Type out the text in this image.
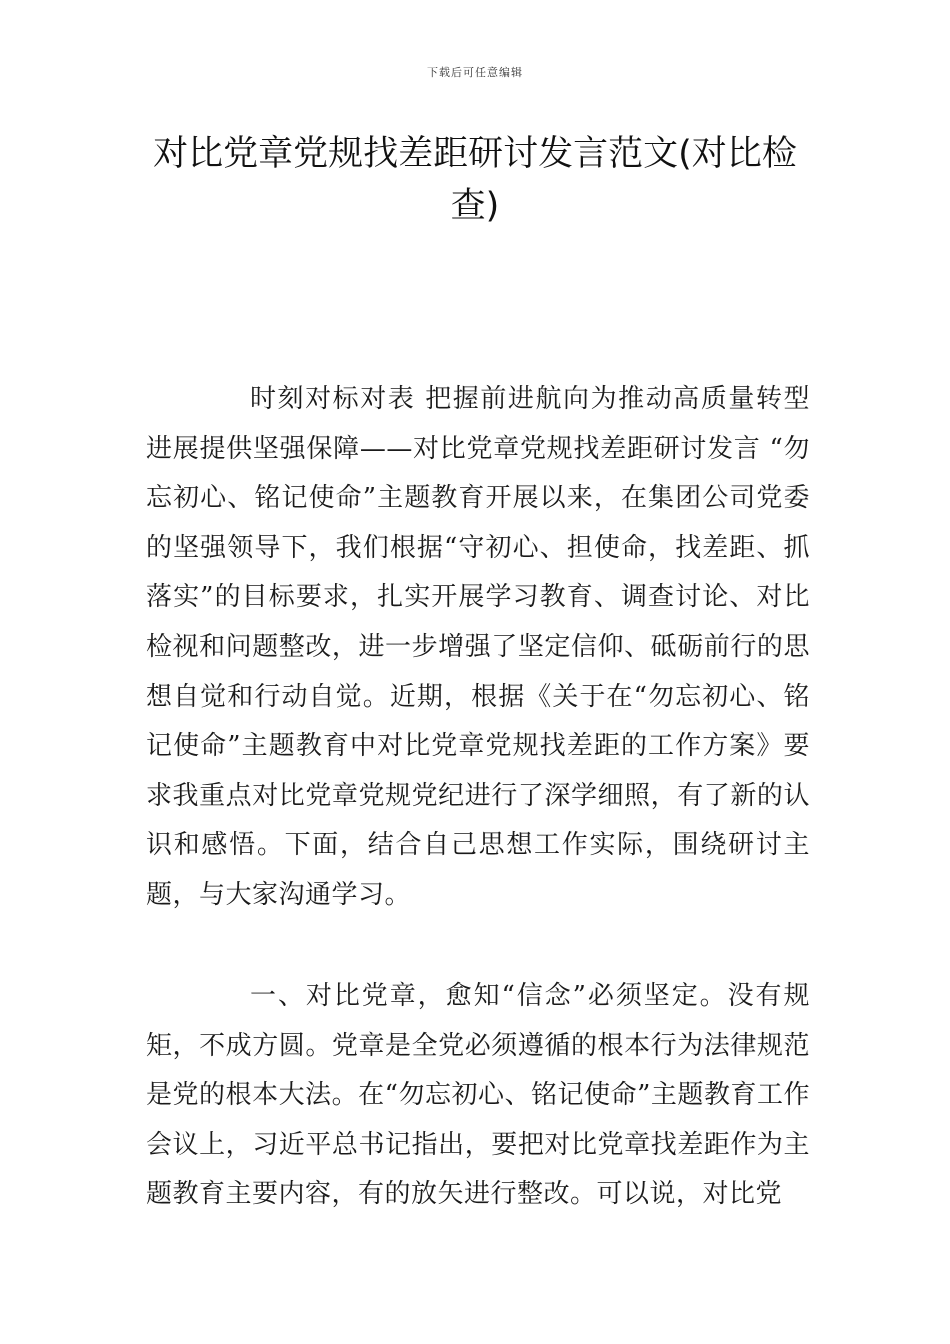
下载后可任意编辑
对比党章党规找差距研讨发言范文(对比检查)

时刻对标对表 把握前进航向为推动高质量转型进展提供坚强保障——对比党章党规找差距研讨发言 “勿忘初心、铭记使命”主题教育开展以来，在集团公司党委的坚强领导下，我们根据“守初心、担使命，找差距、抓落实”的目标要求，扎实开展学习教育、调查讨论、对比检视和问题整改，进一步增强了坚定信仰、砥砺前行的思想自觉和行动自觉。近期，根据《关于在“勿忘初心、铭记使命”主题教育中对比党章党规找差距的工作方案》要求我重点对比党章党规党纪进行了深学细照，有了新的认识和感悟。下面，结合自己思想工作实际，围绕研讨主题，与大家沟通学习。

一、对比党章，愈知“信念”必须坚定。没有规矩，不成方圆。党章是全党必须遵循的根本行为法律规范是党的根本大法。在“勿忘初心、铭记使命”主题教育工作会议上，习近平总书记指出，要把对比党章找差距作为主题教育主要内容，有的放矢进行整改。可以说，对比党
